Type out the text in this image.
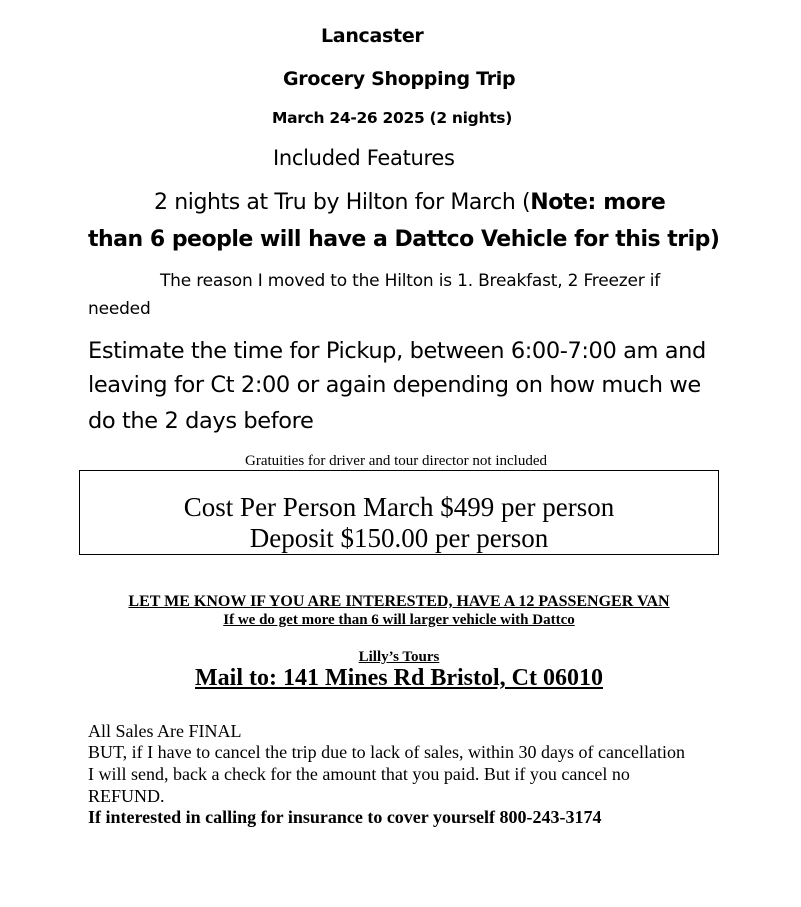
Lancaster
Grocery Shopping Trip
March 24-26 2025 (2 nights)
Included Features
2 nights at Tru by Hilton for March (Note: more
than 6 people will have a Dattco Vehicle for this trip)
The reason I moved to the Hilton is 1. Breakfast, 2 Freezer if
needed
Estimate the time for Pickup, between 6:00-7:00 am and
leaving for Ct 2:00 or again depending on how much we
do the 2 days before
Gratuities for driver and tour director not included
Cost Per Person March $499 per person
Deposit $150.00 per person
LET ME KNOW IF YOU ARE INTERESTED, HAVE A 12 PASSENGER VAN
If we do get more than 6 will larger vehicle with Dattco
Lilly’s Tours
Mail to: 141 Mines Rd Bristol, Ct 06010
All Sales Are FINAL
BUT, if I have to cancel the trip due to lack of sales, within 30 days of cancellation
I will send, back a check for the amount that you paid. But if you cancel no
REFUND.
If interested in calling for insurance to cover yourself 800-243-3174
